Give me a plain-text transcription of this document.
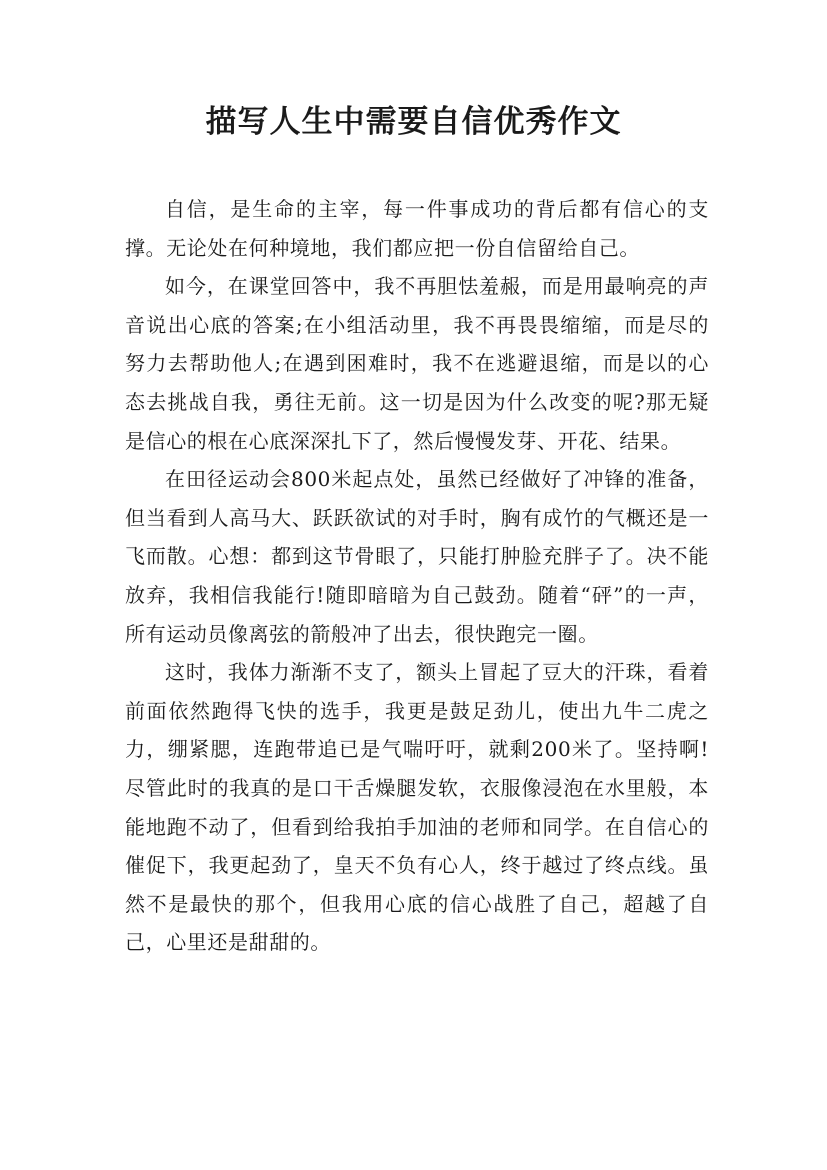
描写人生中需要自信优秀作文

自信，是生命的主宰，每一件事成功的背后都有信心的支撑。无论处在何种境地，我们都应把一份自信留给自己。

如今，在课堂回答中，我不再胆怯羞赧，而是用最响亮的声音说出心底的答案;在小组活动里，我不再畏畏缩缩，而是尽的努力去帮助他人;在遇到困难时，我不在逃避退缩，而是以的心态去挑战自我，勇往无前。这一切是因为什么改变的呢?那无疑是信心的根在心底深深扎下了，然后慢慢发芽、开花、结果。

在田径运动会800米起点处，虽然已经做好了冲锋的准备，但当看到人高马大、跃跃欲试的对手时，胸有成竹的气概还是一飞而散。心想：都到这节骨眼了，只能打肿脸充胖子了。决不能放弃，我相信我能行!随即暗暗为自己鼓劲。随着“砰”的一声，所有运动员像离弦的箭般冲了出去，很快跑完一圈。

这时，我体力渐渐不支了，额头上冒起了豆大的汗珠，看着前面依然跑得飞快的选手，我更是鼓足劲儿，使出九牛二虎之力，绷紧腮，连跑带追已是气喘吁吁，就剩200米了。坚持啊!尽管此时的我真的是口干舌燥腿发软，衣服像浸泡在水里般，本能地跑不动了，但看到给我拍手加油的老师和同学。在自信心的催促下，我更起劲了，皇天不负有心人，终于越过了终点线。虽然不是最快的那个，但我用心底的信心战胜了自己，超越了自己，心里还是甜甜的。
